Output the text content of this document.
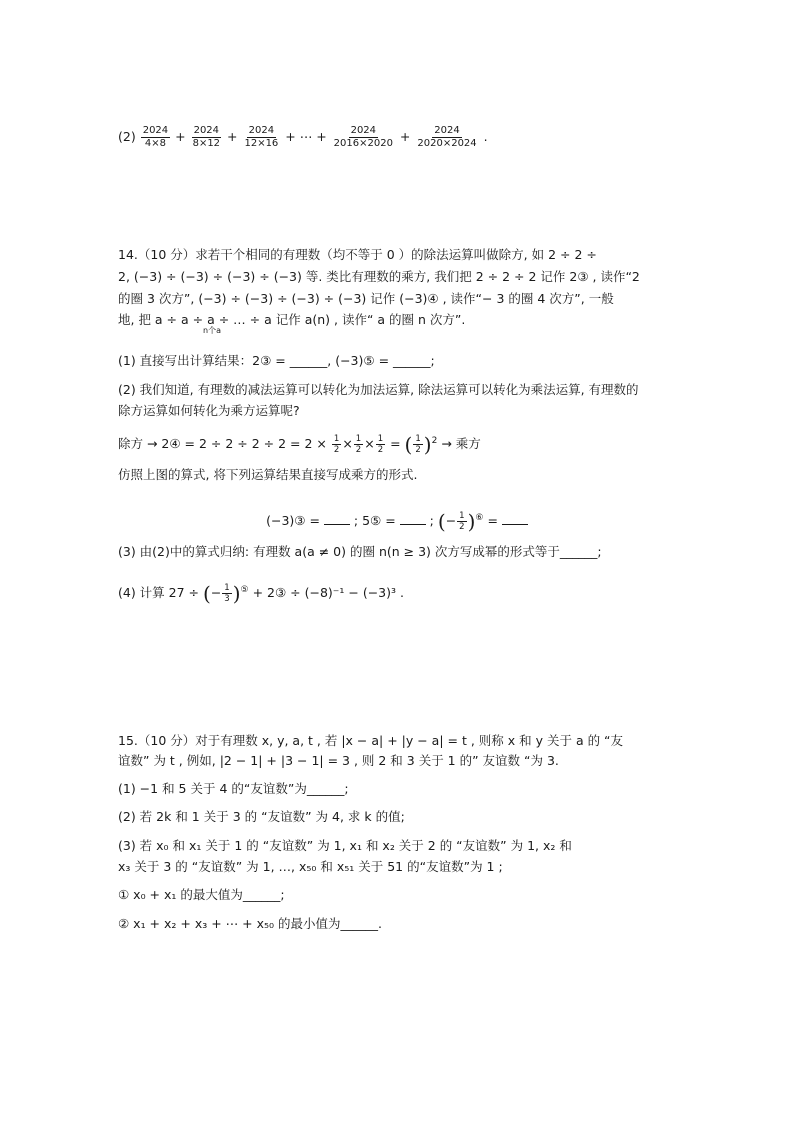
$(2) \frac{2024}{4\times 8} + \frac{2024}{8\times 12} + \frac{2024}{12\times 16}$ + ⋯ + $\frac{2024}{2016\times 2020} + \frac{2024}{2020\times 2024}$ .
14.（10 分）求若干个相同的有理数（均不等于 0 ）的除法运算叫做除方, 如 2 ÷ 2 ÷
2, (−3) ÷ (−3) ÷ (−3) ÷ (−3) 等. 类比有理数的乘方, 我们把 2 ÷ 2 ÷ 2 记作 2③ , 读作“2
的圈 3 次方”, (−3) ÷ (−3) ÷ (−3) ÷ (−3) 记作 (−3)④ , 读作“− 3 的圈 4 次方”, 一般
地, 把 a ÷ a ÷ a ÷ … ÷ a 记作 a(n) , 读作“ a 的圈 n 次方”.
n个a
(1) 直接写出计算结果：2③ = ______, (−3)⑤ = ______;
(2) 我们知道, 有理数的减法运算可以转化为加法运算, 除法运算可以转化为乘法运算, 有理数的
除方运算如何转化为乘方运算呢?
除方 → 2④ = $2 \div 2 \div 2 \div 2 = 2 \times \frac{1}{2} \times \frac{1}{2} \times \frac{1}{2}$ = ( $\frac{1}{2} )^2$ → 乘方
仿照上图的算式, 将下列运算结果直接写成乘方的形式.
(−3)③ =	; 5⑤ =	; (− $\frac{1}{2} )^⑥$ =
(3) 由(2)中的算式归纳: 有理数 a(a ≠ 0) 的圈 n(n ≥ 3) 次方写成幂的形式等于______;
(4) 计算 27 ÷ (− $\frac{1}{3} )^⑤$ + 2③ ÷ (−8)⁻¹ − (−3)³ .
15.（10 分）对于有理数 x, y, a, t , 若 |x − a| + |y − a| = t , 则称 x 和 y 关于 a 的 “友
谊数” 为 t , 例如, |2 − 1| + |3 − 1| = 3 , 则 2 和 3 关于 1 的” 友谊数 “为 3.
(1) −1 和 5 关于 4 的“友谊数”为______;
(2) 若 2k 和 1 关于 3 的 “友谊数” 为 4, 求 k 的值;
(3) 若 x₀ 和 x₁ 关于 1 的 “友谊数” 为 1, x₁ 和 x₂ 关于 2 的 “友谊数” 为 1, x₂ 和
x₃ 关于 3 的 “友谊数” 为 1, …, x₅₀ 和 x₅₁ 关于 51 的“友谊数”为 1 ;
① x₀ + x₁ 的最大值为______;
② x₁ + x₂ + x₃ + ⋯ + x₅₀ 的最小值为______.
